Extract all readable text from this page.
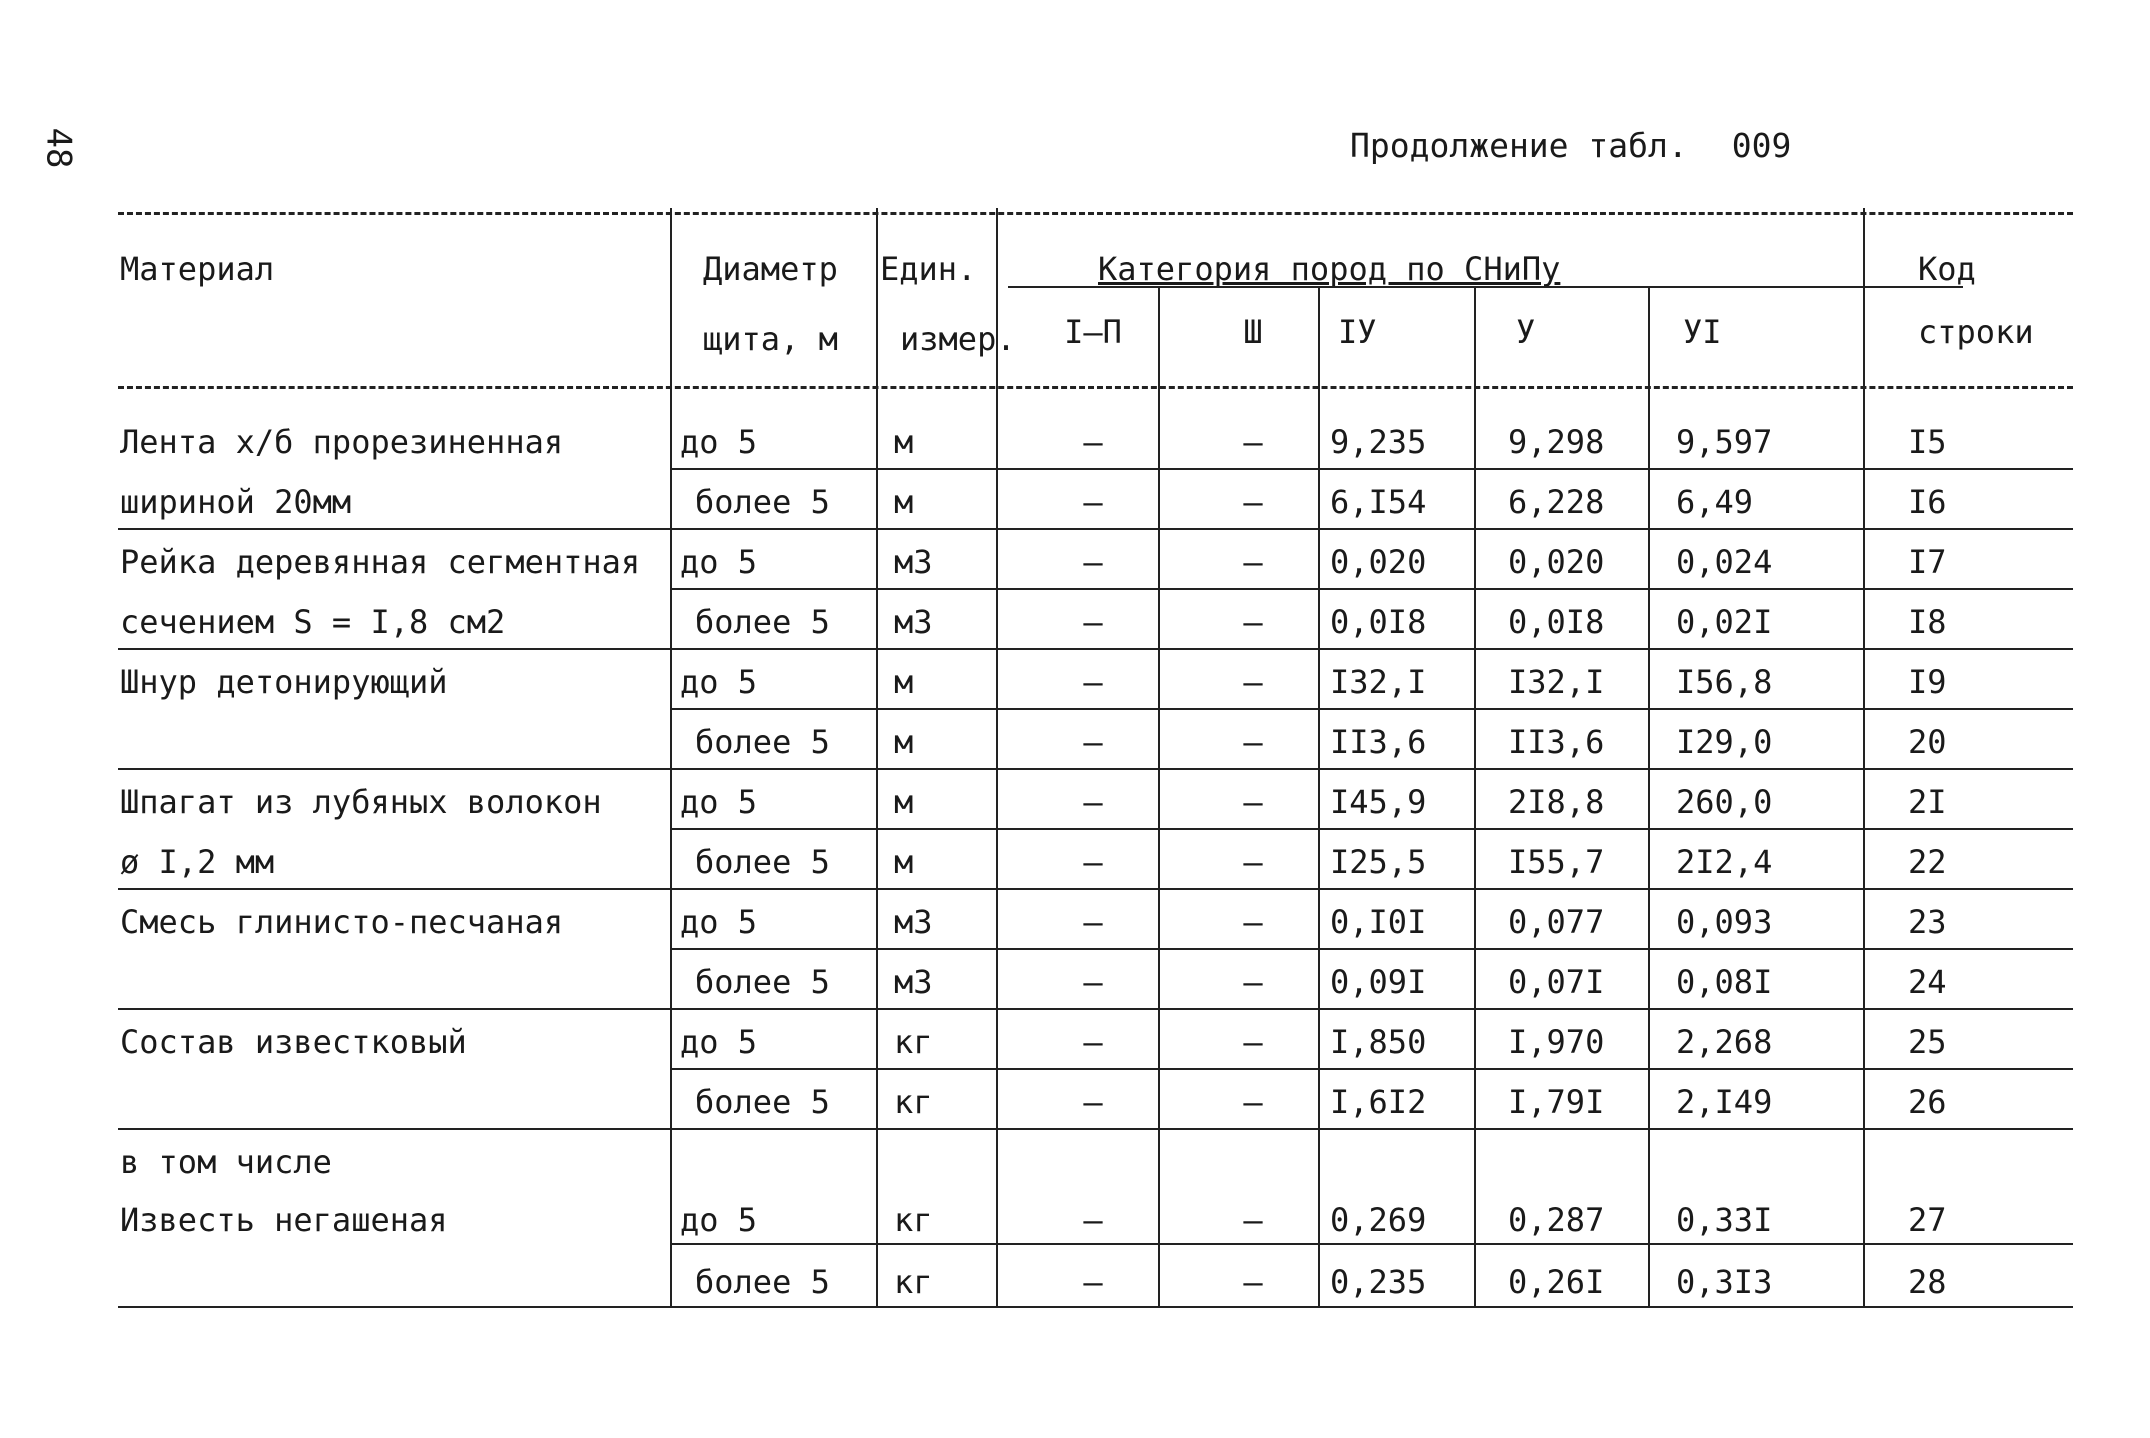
48	Продолжение табл. 009
Материал	Диаметр
щита, м
Един.
измер.
Категория пород по СНиПу
I–П	Ш	IУ	У	УI
Код
строки
Лента х/б прорезиненная	до 5	м	–	–	9,235	9,298 9,597	I5
шириной 20мм	более 5 м	–	–	6,I54	6,228 6,49	I6
Рейка деревянная сегментная до 5	м3	–	–	0,020	0,020 0,024	I7
сечением S = I,8 см2	более 5 м3	–	–	0,0I8	0,0I8 0,02I	I8
Шнур детонирующий	до 5	м	–	–	I32,I	I32,I I56,8	I9
более 5 м	–	–	II3,6	II3,6 I29,0	20
Шпагат из лубяных волокон до 5	м	–	–	I45,9	2I8,8 260,0	2I
ø I,2 мм	более 5 м	–	–	I25,5	I55,7 2I2,4	22
Смесь глинисто-песчаная	до 5	м3	–	–	0,I0I	0,077 0,093	23
более 5 м3	–	–	0,09I	0,07I 0,08I	24
Состав известковый	до 5	кг	–	–	I,850	I,970 2,268	25
более 5 кг	–	–	I,6I2	I,79I 2,I49	26
в том числе
Известь негашеная	до 5	кг	–	–	0,269	0,287 0,33I	27
более 5 кг	–	–	0,235	0,26I 0,3I3	28
